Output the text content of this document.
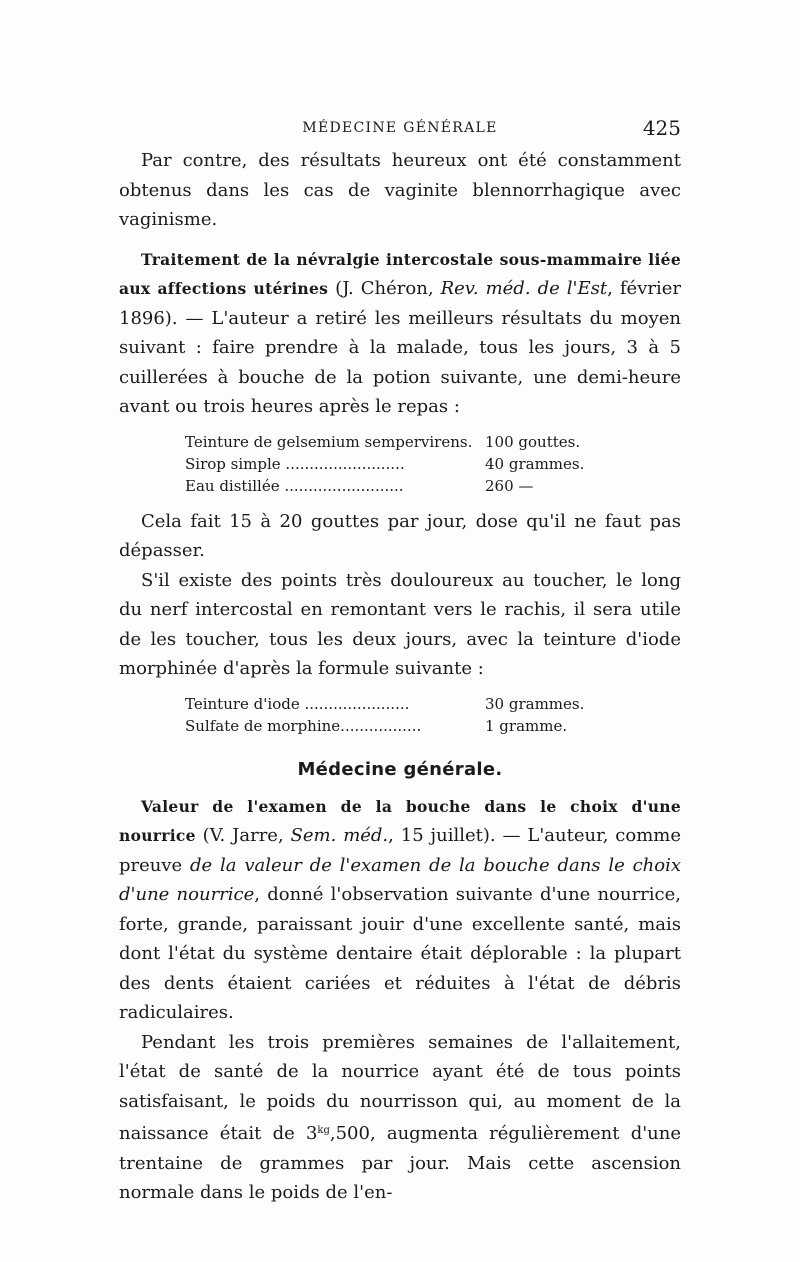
MÉDECINE GÉNÉRALE	425

Par contre, des résultats heureux ont été constamment obtenus dans les cas de vaginite blennorrhagique avec vaginisme.

Traitement de la névralgie intercostale sous-mammaire liée aux affections utérines (J. Chéron, Rev. méd. de l'Est, février 1896). — L'auteur a retiré les meilleurs résultats du moyen suivant : faire prendre à la malade, tous les jours, 3 à 5 cuillerées à bouche de la potion suivante, une demi-heure avant ou trois heures après le repas :

Teinture de gelsemium sempervirens. 100 gouttes.
Sirop simple .........................	40 grammes.
Eau distillée .........................	260 —

Cela fait 15 à 20 gouttes par jour, dose qu'il ne faut pas dépasser.

S'il existe des points très douloureux au toucher, le long du nerf intercostal en remontant vers le rachis, il sera utile de les toucher, tous les deux jours, avec la teinture d'iode morphinée d'après la formule suivante :

Teinture d'iode ......................	30 grammes.
Sulfate de morphine.................	1 gramme.
Médecine générale.

Valeur de l'examen de la bouche dans le choix d'une nourrice (V. Jarre, Sem. méd., 15 juillet). — L'auteur, comme preuve de la valeur de l'examen de la bouche dans le choix d'une nourrice, donné l'observation suivante d'une nourrice, forte, grande, paraissant jouir d'une excellente santé, mais dont l'état du système dentaire était déplorable : la plupart des dents étaient cariées et réduites à l'état de débris radiculaires.

Pendant les trois premières semaines de l'allaitement, l'état de santé de la nourrice ayant été de tous points satisfaisant, le poids du nourrisson qui, au moment de la naissance était de $3^{kg},500$, augmenta régulièrement d'une trentaine de grammes par jour. Mais cette ascension normale dans le poids de l'en-
